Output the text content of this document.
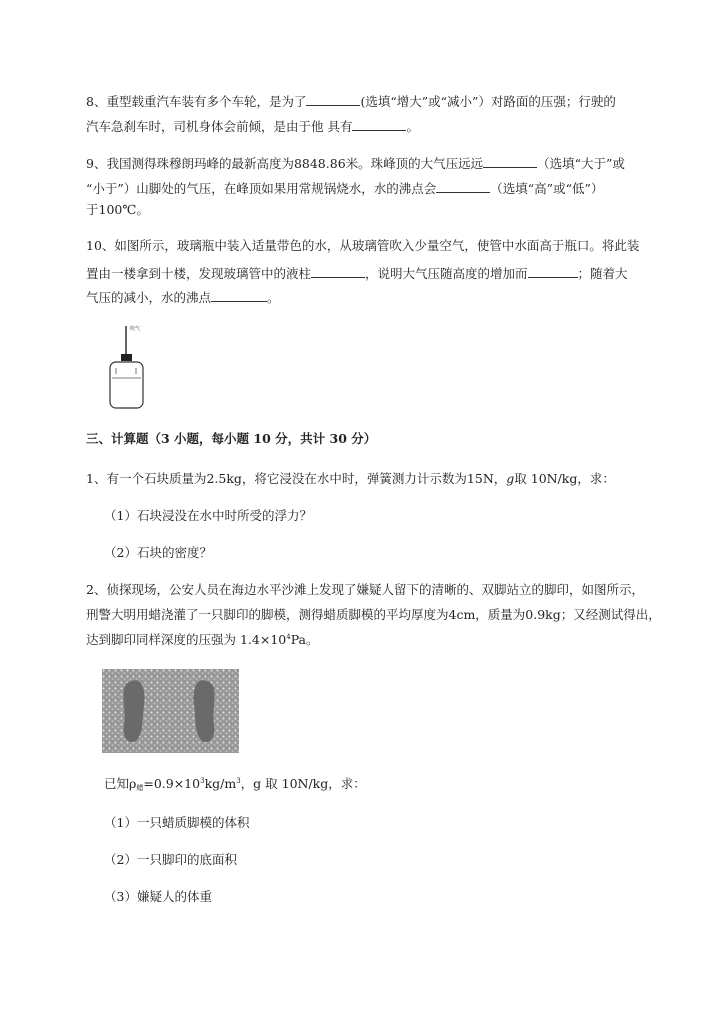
8、重型载重汽车装有多个车轮，是为了	(选填“增大”或“减小”）对路面的压强；行驶的
汽车急刹车时，司机身体会前倾，是由于他 具有	。
9、我国测得珠穆朗玛峰的最新高度为8848.86米。珠峰顶的大气压远远	（选填“大于”或
“小于”）山脚处的气压，在峰顶如果用常规锅烧水，水的沸点会	（选填“高”或“低”）
于100℃。
10、如图所示，玻璃瓶中装入适量带色的水，从玻璃管吹入少量空气，使管中水面高于瓶口。将此装
置由一楼拿到十楼，发现玻璃管中的液柱	，说明大气压随高度的增加而	；随着大
气压的减小，水的沸点	。
吹气
三、计算题（3 小题，每小题 10 分，共计 30 分）
1、有一个石块质量为2.5kg，将它浸没在水中时，弹簧测力计示数为15N，g取 10N/kg，求：
（1）石块浸没在水中时所受的浮力？
（2）石块的密度？
2、侦探现场，公安人员在海边水平沙滩上发现了嫌疑人留下的清晰的、双脚站立的脚印，如图所示，
刑警大明用蜡浇灌了一只脚印的脚模，测得蜡质脚模的平均厚度为4cm，质量为0.9kg；又经测试得出，
达到脚印同样深度的压强为 $1.4\times 10^4Pa$。
已知$\rho_蜡=0.9\times 10^3kg/m^3$，g 取 10N/kg，求：
（1）一只蜡质脚模的体积
（2）一只脚印的底面积
（3）嫌疑人的体重
